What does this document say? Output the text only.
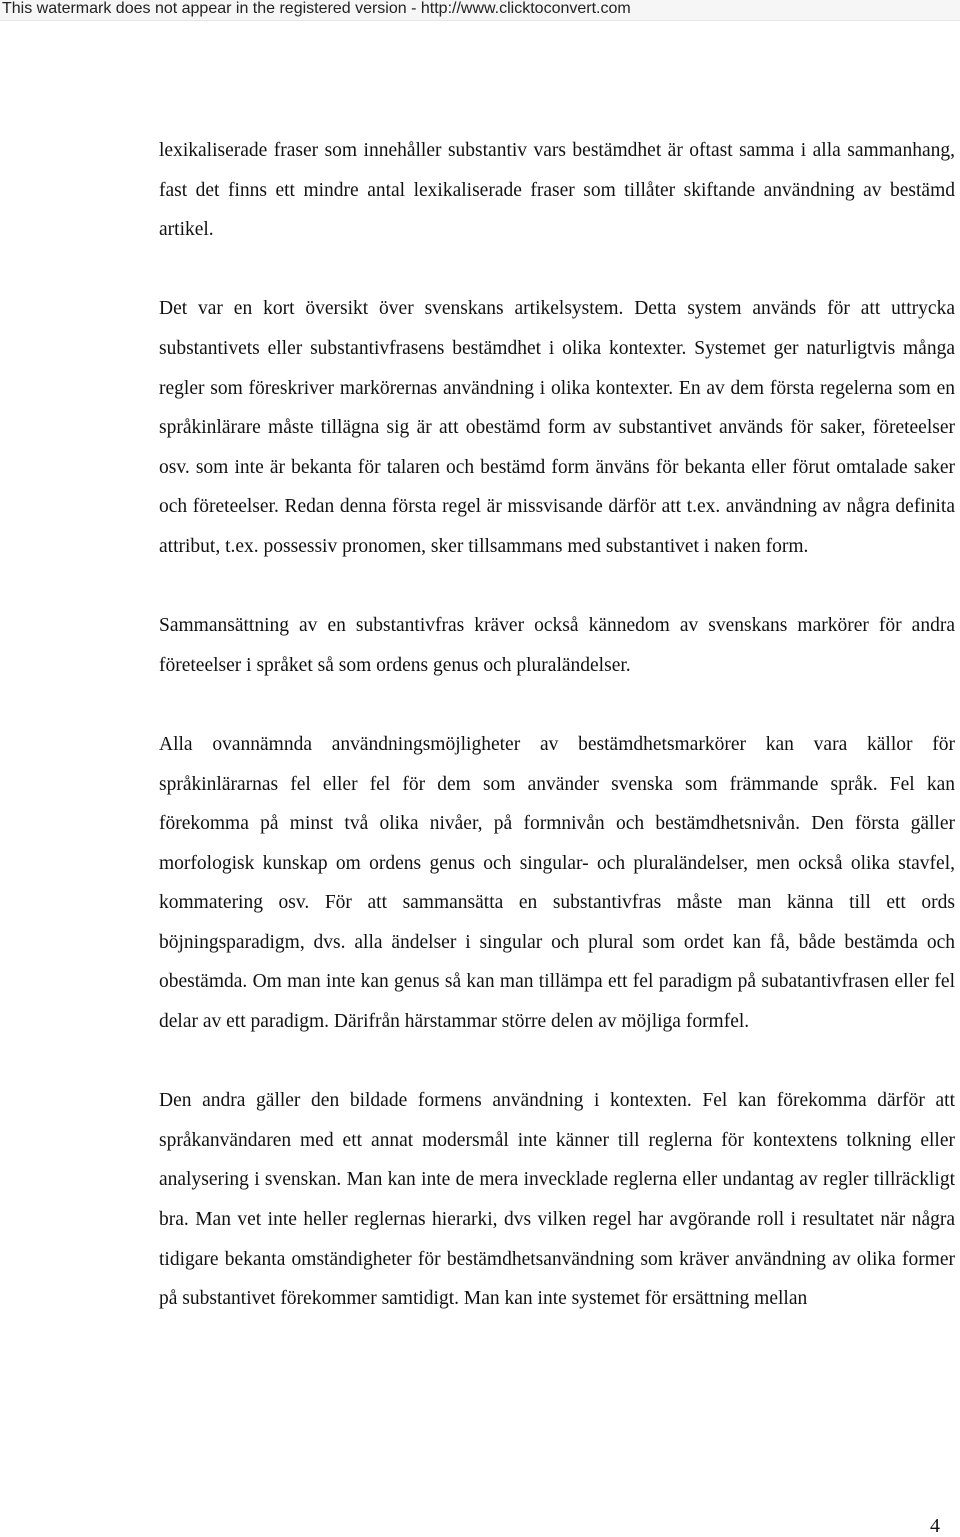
This watermark does not appear in the registered version - http://www.clicktoconvert.com

lexikaliserade fraser som innehåller substantiv vars bestämdhet är oftast samma i alla sammanhang, fast det finns ett mindre antal lexikaliserade fraser som tillåter skiftande användning av bestämd artikel.

Det var en kort översikt över svenskans artikelsystem. Detta system används för att uttrycka substantivets eller substantivfrasens bestämdhet i olika kontexter. Systemet ger naturligtvis många regler som föreskriver markörernas användning i olika kontexter. En av dem första regelerna som en språkinlärare måste tillägna sig är att obestämd form av substantivet används för saker, företeelser osv. som inte är bekanta för talaren och bestämd form änväns för bekanta eller förut omtalade saker och företeelser. Redan denna första regel är missvisande därför att t.ex. användning av några definita attribut, t.ex. possessiv pronomen, sker tillsammans med substantivet i naken form.

Sammansättning av en substantivfras kräver också kännedom av svenskans markörer för andra företeelser i språket så som ordens genus och pluraländelser.

Alla ovannämnda användningsmöjligheter av bestämdhetsmarkörer kan vara källor för språkinlärarnas fel eller fel för dem som använder svenska som främmande språk. Fel kan förekomma på minst två olika nivåer, på formnivån och bestämdhetsnivån. Den första gäller morfologisk kunskap om ordens genus och singular- och pluraländelser, men också olika stavfel, kommatering osv. För att sammansätta en substantivfras måste man känna till ett ords böjningsparadigm, dvs. alla ändelser i singular och plural som ordet kan få, både bestämda och obestämda. Om man inte kan genus så kan man tillämpa ett fel paradigm på subatantivfrasen eller fel delar av ett paradigm. Därifrån härstammar större delen av möjliga formfel.

Den andra gäller den bildade formens användning i kontexten. Fel kan förekomma därför att språkanvändaren med ett annat modersmål inte känner till reglerna för kontextens tolkning eller analysering i svenskan. Man kan inte de mera invecklade reglerna eller undantag av regler tillräckligt bra. Man vet inte heller reglernas hierarki, dvs vilken regel har avgörande roll i resultatet när några tidigare bekanta omständigheter för bestämdhetsanvändning som kräver användning av olika former på substantivet förekommer samtidigt. Man kan inte systemet för ersättning mellan

4
